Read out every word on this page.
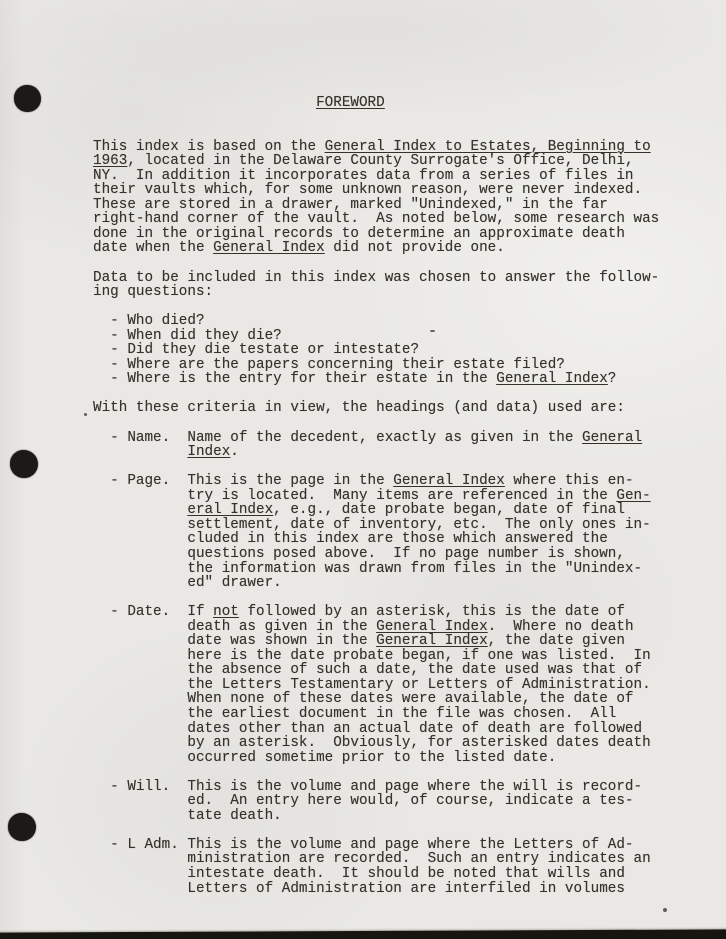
FOREWORD

This index is based on the General Index to Estates, Beginning to
1963, located in the Delaware County Surrogate's Office, Delhi,
NY.  In addition it incorporates data from a series of files in
their vaults which, for some unknown reason, were never indexed.
These are stored in a drawer, marked "Unindexed," in the far
right-hand corner of the vault.  As noted below, some research was
done in the original records to determine an approximate death
date when the General Index did not provide one.

Data to be included in this index was chosen to answer the follow-
ing questions:

- Who died?
- When did they die?
- Did they die testate or intestate?
- Where are the papers concerning their estate filed?
- Where is the entry for their estate in the General Index?

With these criteria in view, the headings (and data) used are:

- Name.  Name of the decedent, exactly as given in the General
Index.

- Page.  This is the page in the General Index where this en-
try is located.  Many items are referenced in the Gen-
eral Index, e.g., date probate began, date of final
settlement, date of inventory, etc.  The only ones in-
cluded in this index are those which answered the
questions posed above.  If no page number is shown,
the information was drawn from files in the "Unindex-
ed" drawer.

- Date.  If not followed by an asterisk, this is the date of
death as given in the General Index.  Where no death
date was shown in the General Index, the date given
here is the date probate began, if one was listed.  In
the absence of such a date, the date used was that of
the Letters Testamentary or Letters of Administration.
When none of these dates were available, the date of
the earliest document in the file was chosen.  All
dates other than an actual date of death are followed
by an asterisk.  Obviously, for asterisked dates death
occurred sometime prior to the listed date.

- Will.  This is the volume and page where the will is record-
ed.  An entry here would, of course, indicate a tes-
tate death.

- L Adm. This is the volume and page where the Letters of Ad-
ministration are recorded.  Such an entry indicates an
intestate death.  It should be noted that wills and
Letters of Administration are interfiled in volumes
